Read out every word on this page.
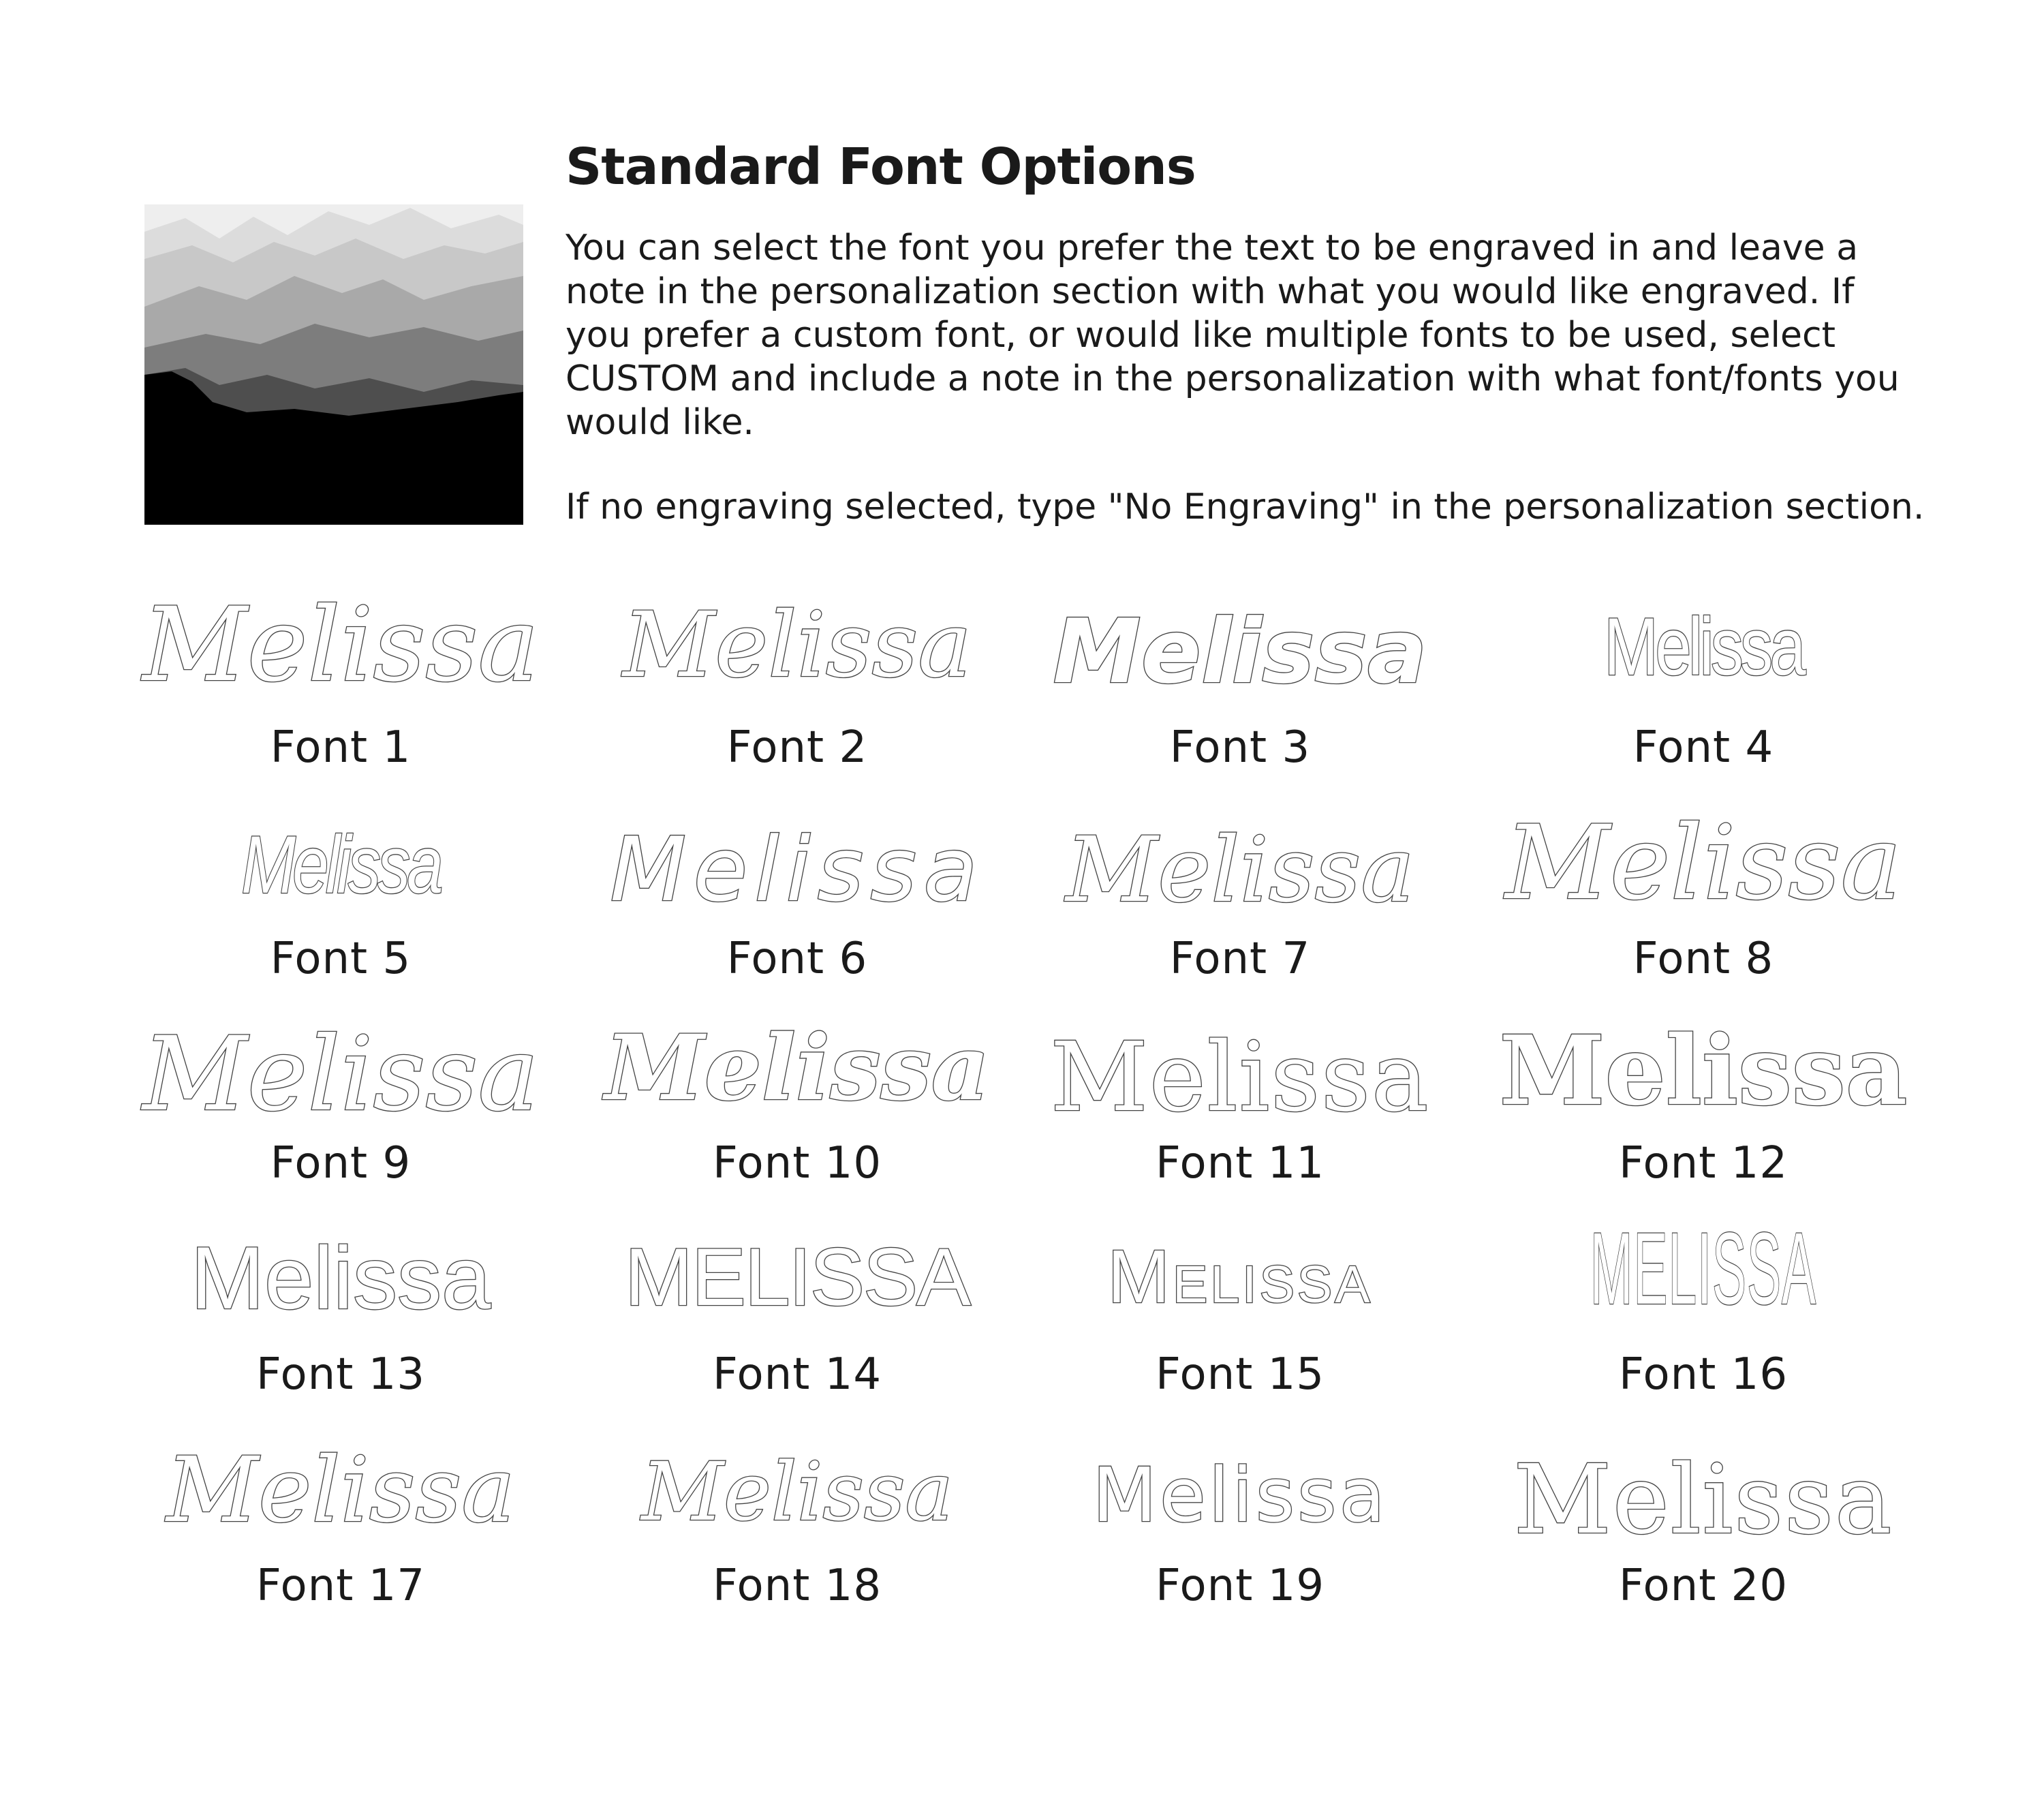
Standard Font Options
You can select the font you prefer the text to be engraved in and leave a
note in the personalization section with what you would like engraved. If
you prefer a custom font, or would like multiple fonts to be used, select
CUSTOM and include a note in the personalization with what font/fonts you
would like.
If no engraving selected, type "No Engraving" in the personalization section.
Melissa
Font 1
Melissa
Font 2
Melissa
Font 3
Melissa
Font 4
Melissa
Font 5
Melissa
Font 6
Melissa
Font 7
Melissa
Font 8
Melissa
Font 9
Melissa
Font 10
Melissa
Font 11
Melissa
Font 12
Melissa
Font 13
MELISSA
Font 14
Melissa
Font 15
MELISSA
Font 16
Melissa
Font 17
Melissa
Font 18
Melissa
Font 19
Melissa
Font 20
